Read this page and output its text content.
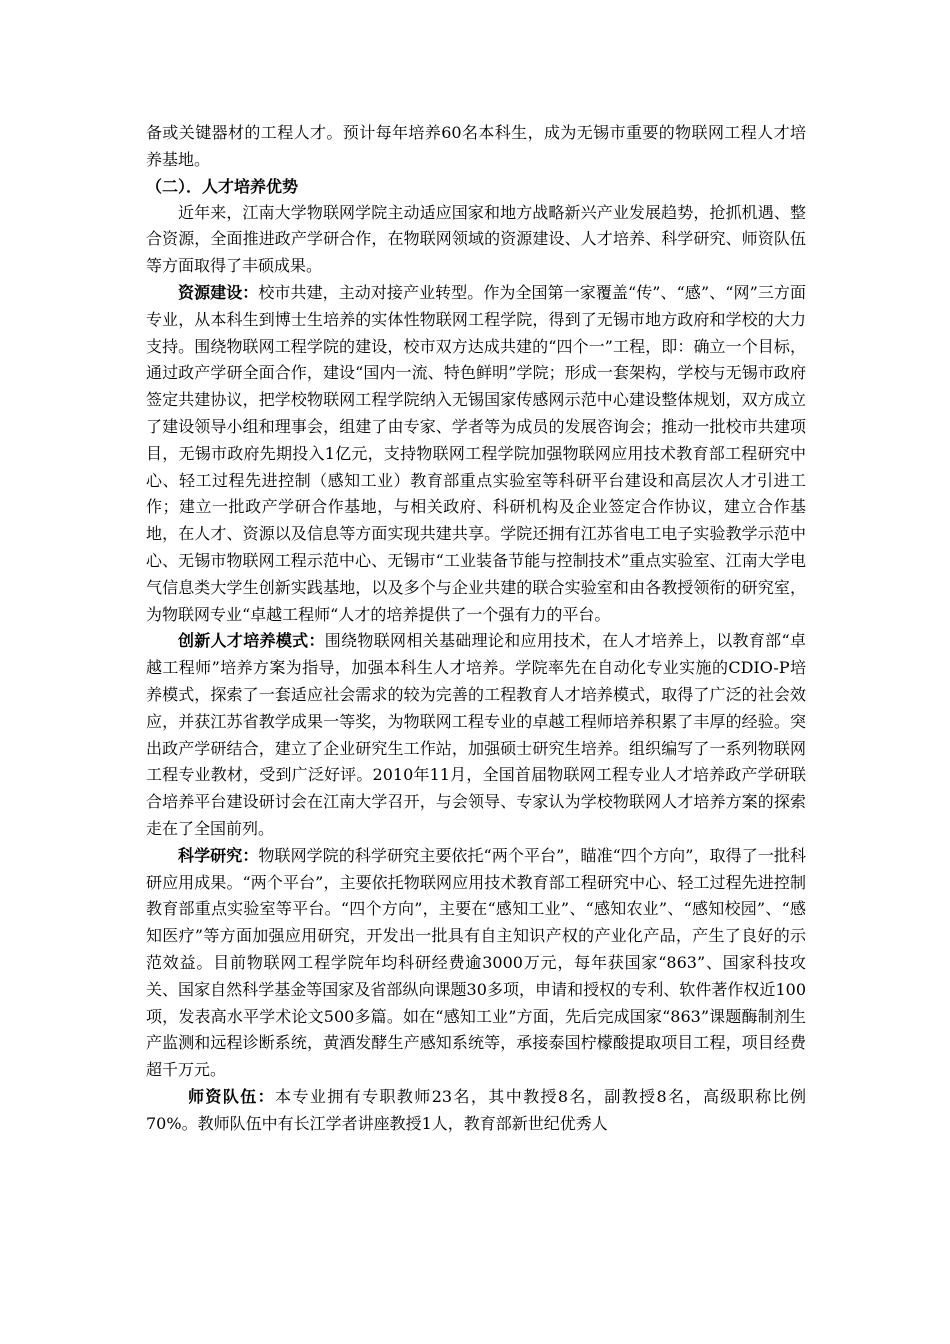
备或关键器材的工程人才。预计每年培养60名本科生，成为无锡市重要的物联网工程人才培养基地。

（二）．人才培养优势

近年来，江南大学物联网学院主动适应国家和地方战略新兴产业发展趋势，抢抓机遇、整合资源，全面推进政产学研合作，在物联网领域的资源建设、人才培养、科学研究、师资队伍等方面取得了丰硕成果。

资源建设：校市共建，主动对接产业转型。作为全国第一家覆盖“传”、“感”、“网”三方面专业，从本科生到博士生培养的实体性物联网工程学院，得到了无锡市地方政府和学校的大力支持。围绕物联网工程学院的建设，校市双方达成共建的“四个一”工程，即：确立一个目标，通过政产学研全面合作，建设“国内一流、特色鲜明”学院；形成一套架构，学校与无锡市政府签定共建协议，把学校物联网工程学院纳入无锡国家传感网示范中心建设整体规划，双方成立了建设领导小组和理事会，组建了由专家、学者等为成员的发展咨询会；推动一批校市共建项目，无锡市政府先期投入1亿元，支持物联网工程学院加强物联网应用技术教育部工程研究中心、轻工过程先进控制（感知工业）教育部重点实验室等科研平台建设和高层次人才引进工作；建立一批政产学研合作基地，与相关政府、科研机构及企业签定合作协议，建立合作基地，在人才、资源以及信息等方面实现共建共享。学院还拥有江苏省电工电子实验教学示范中心、无锡市物联网工程示范中心、无锡市“工业装备节能与控制技术”重点实验室、江南大学电气信息类大学生创新实践基地，以及多个与企业共建的联合实验室和由各教授领衔的研究室，为物联网专业“卓越工程师“人才的培养提供了一个强有力的平台。

创新人才培养模式：围绕物联网相关基础理论和应用技术，在人才培养上，以教育部“卓越工程师”培养方案为指导，加强本科生人才培养。学院率先在自动化专业实施的CDIO-P培养模式，探索了一套适应社会需求的较为完善的工程教育人才培养模式，取得了广泛的社会效应，并获江苏省教学成果一等奖，为物联网工程专业的卓越工程师培养积累了丰厚的经验。突出政产学研结合，建立了企业研究生工作站，加强硕士研究生培养。组织编写了一系列物联网工程专业教材，受到广泛好评。2010年11月，全国首届物联网工程专业人才培养政产学研联合培养平台建设研讨会在江南大学召开，与会领导、专家认为学校物联网人才培养方案的探索走在了全国前列。

科学研究：物联网学院的科学研究主要依托“两个平台”，瞄准“四个方向”，取得了一批科研应用成果。“两个平台”，主要依托物联网应用技术教育部工程研究中心、轻工过程先进控制教育部重点实验室等平台。“四个方向”，主要在“感知工业”、“感知农业”、“感知校园”、“感知医疗”等方面加强应用研究，开发出一批具有自主知识产权的产业化产品，产生了良好的示范效益。目前物联网工程学院年均科研经费逾3000万元，每年获国家“863”、国家科技攻关、国家自然科学基金等国家及省部纵向课题30多项，申请和授权的专利、软件著作权近100项，发表高水平学术论文500多篇。如在“感知工业”方面，先后完成国家“863”课题酶制剂生产监测和远程诊断系统，黄酒发酵生产感知系统等，承接泰国柠檬酸提取项目工程，项目经费超千万元。

师资队伍：本专业拥有专职教师23名，其中教授8名，副教授8名，高级职称比例70%。教师队伍中有长江学者讲座教授1人，教育部新世纪优秀人
